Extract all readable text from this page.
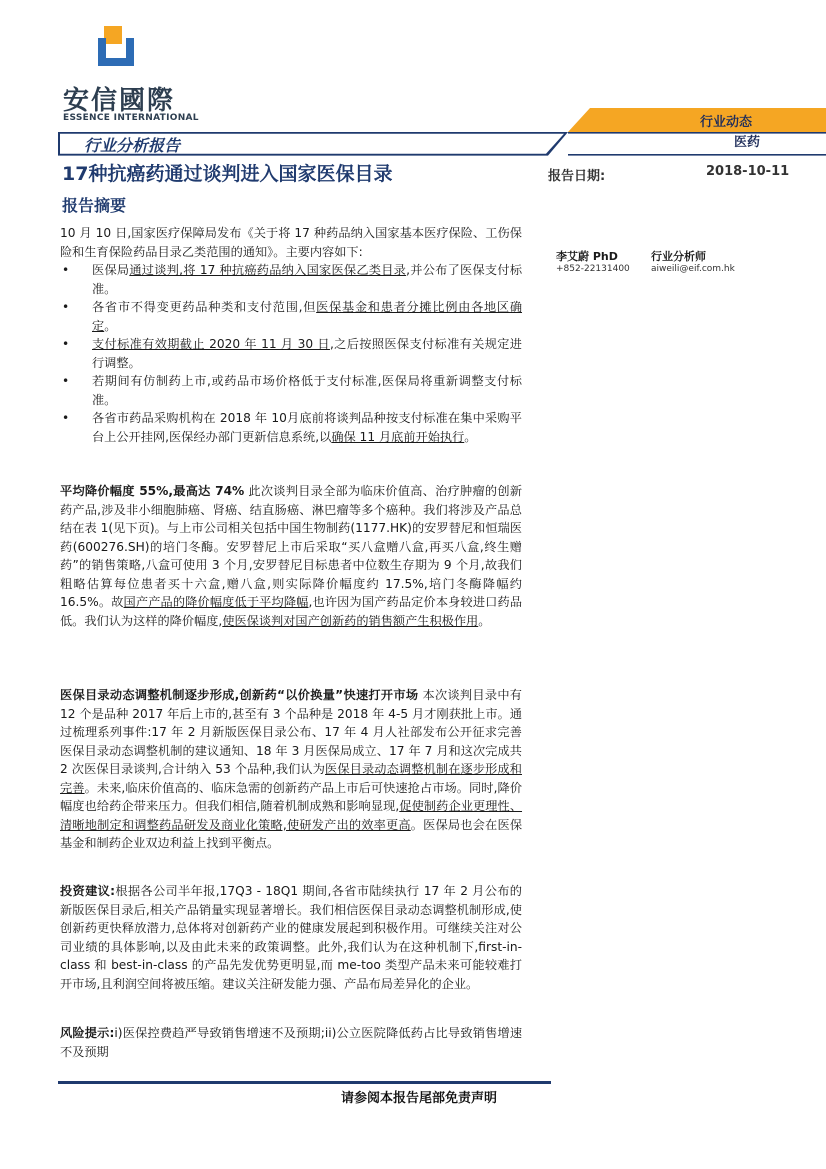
安信國際
ESSENCE INTERNATIONAL
行业分析报告
行业动态
医药
17种抗癌药通过谈判进入国家医保目录	报告日期:	2018-10-11
报告摘要
10 月 10 日,国家医疗保障局发布《关于将 17 种药品纳入国家基本医疗保险、工伤保险和生育保险药品目录乙类范围的通知》。主要内容如下:
• 医保局通过谈判,将 17 种抗癌药品纳入国家医保乙类目录,并公布了医保支付标准。
• 各省市不得变更药品种类和支付范围,但医保基金和患者分摊比例由各地区确定。
• 支付标准有效期截止 2020 年 11 月 30 日,之后按照医保支付标准有关规定进行调整。
• 若期间有仿制药上市,或药品市场价格低于支付标准,医保局将重新调整支付标准。
• 各省市药品采购机构在 2018 年 10月底前将谈判品种按支付标准在集中采购平台上公开挂网,医保经办部门更新信息系统,以确保 11 月底前开始执行。
平均降价幅度 55%,最高达 74% 此次谈判目录全部为临床价值高、治疗肿瘤的创新药产品,涉及非小细胞肺癌、肾癌、结直肠癌、淋巴瘤等多个癌种。我们将涉及产品总结在表 1(见下页)。与上市公司相关包括中国生物制药(1177.HK)的安罗替尼和恒瑞医药(600276.SH)的培门冬酶。安罗替尼上市后采取“买八盒赠八盒,再买八盒,终生赠药”的销售策略,八盒可使用 3 个月,安罗替尼目标患者中位数生存期为 9 个月,故我们粗略估算每位患者买十六盒,赠八盒,则实际降价幅度约 17.5%,培门冬酶降幅约 16.5%。故国产产品的降价幅度低于平均降幅,也许因为国产药品定价本身较进口药品低。我们认为这样的降价幅度,使医保谈判对国产创新药的销售额产生积极作用。
医保目录动态调整机制逐步形成,创新药“以价换量”快速打开市场 本次谈判目录中有 12 个是品种 2017 年后上市的,甚至有 3 个品种是 2018 年 4-5 月才刚获批上市。通过梳理系列事件:17 年 2 月新版医保目录公布、17 年 4 月人社部发布公开征求完善医保目录动态调整机制的建议通知、18 年 3 月医保局成立、17 年 7 月和这次完成共 2 次医保目录谈判,合计纳入 53 个品种,我们认为医保目录动态调整机制在逐步形成和完善。未来,临床价值高的、临床急需的创新药产品上市后可快速抢占市场。同时,降价幅度也给药企带来压力。但我们相信,随着机制成熟和影响显现,促使制药企业更理性、清晰地制定和调整药品研发及商业化策略,使研发产出的效率更高。医保局也会在医保基金和制药企业双边利益上找到平衡点。
投资建议:根据各公司半年报,17Q3 - 18Q1 期间,各省市陆续执行 17 年 2 月公布的新版医保目录后,相关产品销量实现显著增长。我们相信医保目录动态调整机制形成,使创新药更快释放潜力,总体将对创新药产业的健康发展起到积极作用。可继续关注对公司业绩的具体影响,以及由此未来的政策调整。此外,我们认为在这种机制下,first-in-class 和 best-in-class 的产品先发优势更明显,而 me-too 类型产品未来可能较难打开市场,且利润空间将被压缩。建议关注研发能力强、产品布局差异化的企业。
风险提示:i)医保控费趋严导致销售增速不及预期;ii)公立医院降低药占比导致销售增速不及预期
李艾蔚 PhD	行业分析师
+852-22131400 aiweili@eif.com.hk
请参阅本报告尾部免责声明
